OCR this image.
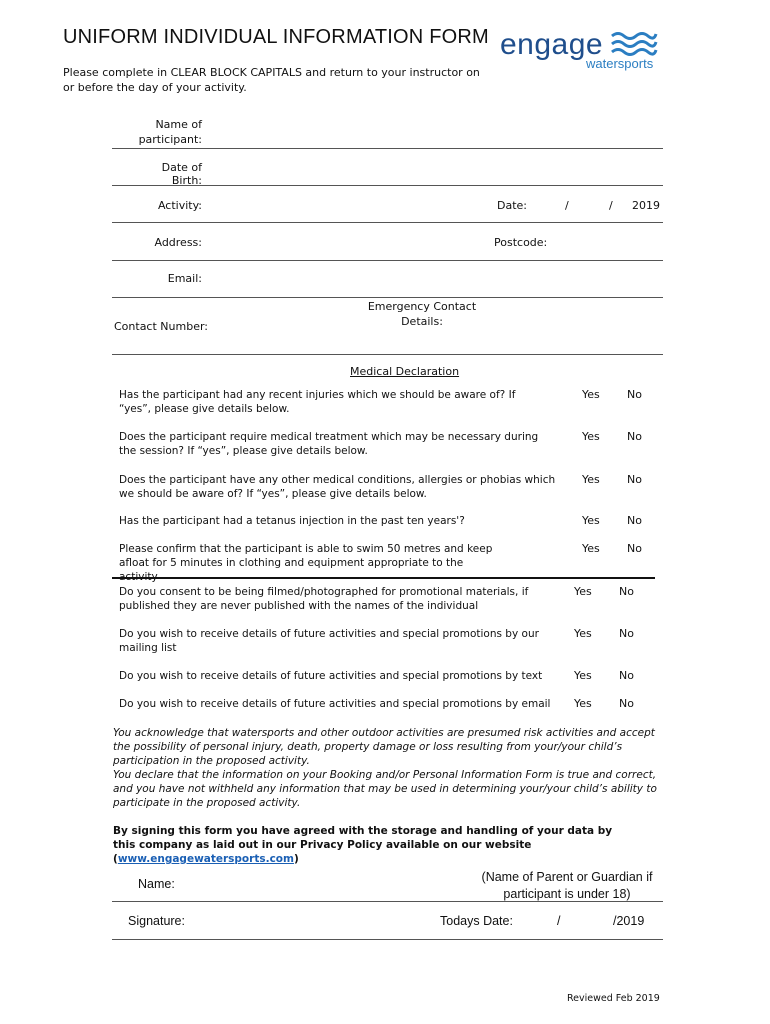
UNIFORM INDIVIDUAL INFORMATION FORM
Please complete in CLEAR BLOCK CAPITALS and return to your instructor on or before the day of your activity.
engage
watersports
Name of participant:
Date of Birth:
Activity:	Date:	/	/ 2019
Address:	Postcode:
Email:
Emergency Contact Details:
Contact Number:
Medical Declaration
Has the participant had any recent injuries which we should be aware of? If “yes”, please give details below.
Yes No
Does the participant require medical treatment which may be necessary during the session? If “yes”, please give details below.
Yes No
Does the participant have any other medical conditions, allergies or phobias which we should be aware of? If “yes”, please give details below.
Yes No
Has the participant had a tetanus injection in the past ten years'?	Yes No
Please confirm that the participant is able to swim 50 metres and keep afloat for 5 minutes in clothing and equipment appropriate to the activity
Yes No
Do you consent to be being filmed/photographed for promotional materials, if published they are never published with the names of the individual
Yes No
Do you wish to receive details of future activities and special promotions by our mailing list
Yes No
Do you wish to receive details of future activities and special promotions by text	Yes No
Do you wish to receive details of future activities and special promotions by email	Yes No
You acknowledge that watersports and other outdoor activities are presumed risk activities and accept the possibility of personal injury, death, property damage or loss resulting from your/your child’s participation in the proposed activity.
You declare that the information on your Booking and/or Personal Information Form is true and correct, and you have not withheld any information that may be used in determining your/your child’s ability to participate in the proposed activity.
By signing this form you have agreed with the storage and handling of your data by this company as laid out in our Privacy Policy available on our website (www.engagewatersports.com)
Name:	(Name of Parent or Guardian if participant is under 18)
Signature:	Todays Date:	/	/2019
Reviewed Feb 2019
